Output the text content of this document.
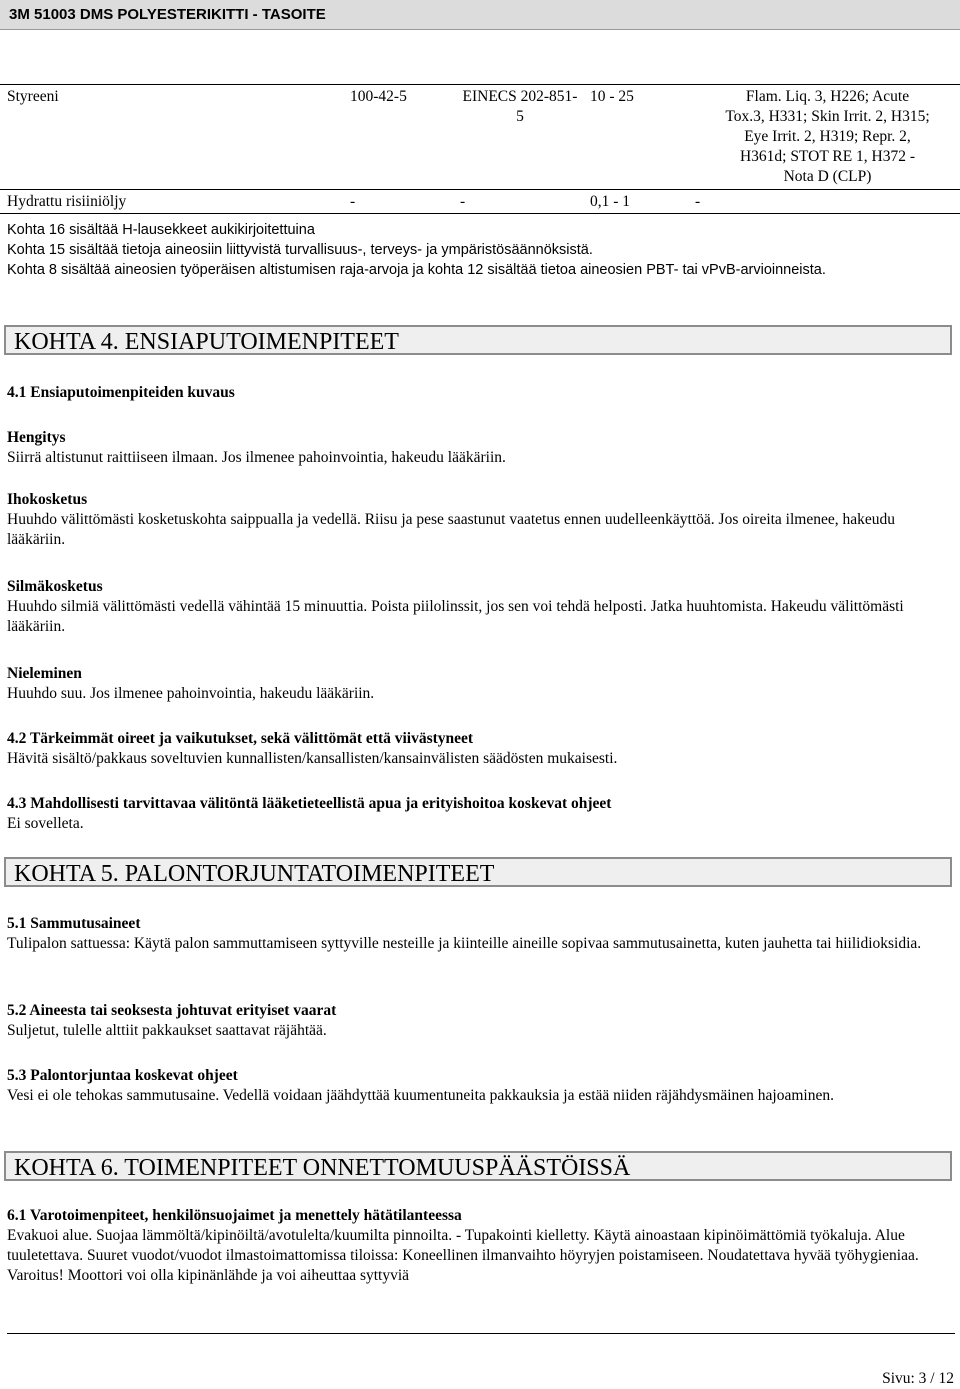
3M 51003 DMS POLYESTERIKITTI - TASOITE
Styreeni	100-42-5	EINECS 202-851-5	10 - 25	Flam. Liq. 3, H226; Acute
Tox.3, H331; Skin Irrit. 2, H315;
Eye Irrit. 2, H319; Repr. 2,
H361d; STOT RE 1, H372 -
Nota D (CLP)

Hydrattu risiiniöljy	-	-	0,1 - 1	-
Kohta 16 sisältää H-lausekkeet aukikirjoitettuina
Kohta 15 sisältää tietoja aineosiin liittyvistä turvallisuus-, terveys- ja ympäristösäännöksistä.
Kohta 8 sisältää aineosien työperäisen altistumisen raja-arvoja ja kohta 12 sisältää tietoa aineosien PBT- tai vPvB-arvioinneista.
KOHTA 4. ENSIAPUTOIMENPITEET
4.1 Ensiaputoimenpiteiden kuvaus

Hengitys

Siirrä altistunut raittiiseen ilmaan. Jos ilmenee pahoinvointia, hakeudu lääkäriin.

Ihokosketus

Huuhdo välittömästi kosketuskohta saippualla ja vedellä. Riisu ja pese saastunut vaatetus ennen uudelleenkäyttöä. Jos oireita ilmenee, hakeudu lääkäriin.

Silmäkosketus

Huuhdo silmiä välittömästi vedellä vähintää 15 minuuttia. Poista piilolinssit, jos sen voi tehdä helposti. Jatka huuhtomista. Hakeudu välittömästi lääkäriin.

Nieleminen

Huuhdo suu. Jos ilmenee pahoinvointia, hakeudu lääkäriin.

4.2 Tärkeimmät oireet ja vaikutukset, sekä välittömät että viivästyneet

Hävitä sisältö/pakkaus soveltuvien kunnallisten/kansallisten/kansainvälisten säädösten mukaisesti.

4.3 Mahdollisesti tarvittavaa välitöntä lääketieteellistä apua ja erityishoitoa koskevat ohjeet

Ei sovelleta.

KOHTA 5. PALONTORJUNTATOIMENPITEET

5.1 Sammutusaineet

Tulipalon sattuessa: Käytä palon sammuttamiseen syttyville nesteille ja kiinteille aineille sopivaa sammutusainetta, kuten jauhetta tai hiilidioksidia.

5.2 Aineesta tai seoksesta johtuvat erityiset vaarat

Suljetut, tulelle alttiit pakkaukset saattavat räjähtää.

5.3 Palontorjuntaa koskevat ohjeet

Vesi ei ole tehokas sammutusaine. Vedellä voidaan jäähdyttää kuumentuneita pakkauksia ja estää niiden räjähdysmäinen hajoaminen.

KOHTA 6. TOIMENPITEET ONNETTOMUUSPÄÄSTÖISSÄ

6.1 Varotoimenpiteet, henkilönsuojaimet ja menettely hätätilanteessa

Evakuoi alue. Suojaa lämmöltä/kipinöiltä/avotulelta/kuumilta pinnoilta. - Tupakointi kielletty. Käytä ainoastaan kipinöimättömiä työkaluja. Alue tuuletettava. Suuret vuodot/vuodot ilmastoimattomissa tiloissa: Koneellinen ilmanvaihto höyryjen poistamiseen. Noudatettava hyvää työhygieniaa. Varoitus! Moottori voi olla kipinänlähde ja voi aiheuttaa syttyviä

Sivu: 3 / 12
